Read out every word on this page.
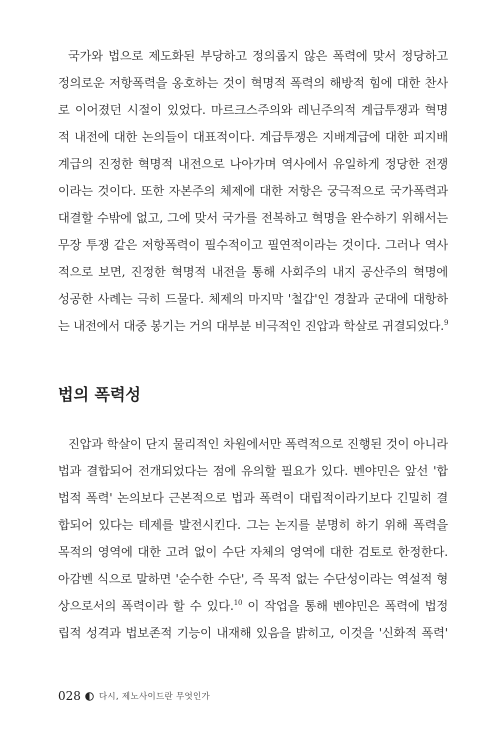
국가와 법으로 제도화된 부당하고 정의롭지 않은 폭력에 맞서 정당하고
정의로운 저항폭력을 옹호하는 것이 혁명적 폭력의 해방적 힘에 대한 찬사
로 이어졌던 시절이 있었다. 마르크스주의와 레닌주의적 계급투쟁과 혁명
적 내전에 대한 논의들이 대표적이다. 계급투쟁은 지배계급에 대한 피지배
계급의 진정한 혁명적 내전으로 나아가며 역사에서 유일하게 정당한 전쟁
이라는 것이다. 또한 자본주의 체제에 대한 저항은 궁극적으로 국가폭력과
대결할 수밖에 없고, 그에 맞서 국가를 전복하고 혁명을 완수하기 위해서는
무장 투쟁 같은 저항폭력이 필수적이고 필연적이라는 것이다. 그러나 역사
적으로 보면, 진정한 혁명적 내전을 통해 사회주의 내지 공산주의 혁명에
성공한 사례는 극히 드물다. 체제의 마지막 '철갑'인 경찰과 군대에 대항하
는 내전에서 대중 봉기는 거의 대부분 비극적인 진압과 학살로 귀결되었다.$^9$
법의 폭력성
진압과 학살이 단지 물리적인 차원에서만 폭력적으로 진행된 것이 아니라
법과 결합되어 전개되었다는 점에 유의할 필요가 있다. 벤야민은 앞선 '합
법적 폭력' 논의보다 근본적으로 법과 폭력이 대립적이라기보다 긴밀히 결
합되어 있다는 테제를 발전시킨다. 그는 논지를 분명히 하기 위해 폭력을
목적의 영역에 대한 고려 없이 수단 자체의 영역에 대한 검토로 한정한다.
아감벤 식으로 말하면 '순수한 수단', 즉 목적 없는 수단성이라는 역설적 형
상으로서의 폭력이라 할 수 있다.$^{10}$ 이 작업을 통해 벤야민은 폭력에 법정
립적 성격과 법보존적 기능이 내재해 있음을 밝히고, 이것을 '신화적 폭력'
028 다시, 제노사이드란 무엇인가
